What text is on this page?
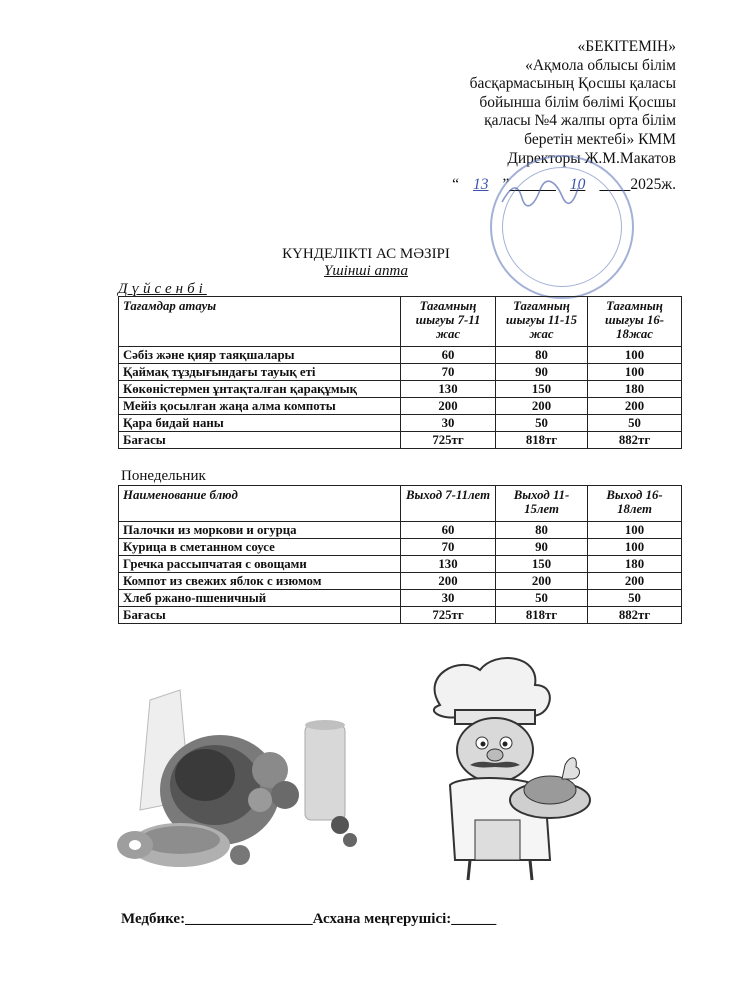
«БЕКІТЕМІН»
«Ақмола облысы білім
басқармасының Қосшы қаласы
бойынша білім бөлімі Қосшы
қаласы №4 жалпы орта білім
беретін мектебі» КММ
Директоры Ж.М.Макатов
“ 13 ”	10	2025ж.
КҮНДЕЛІКТІ АС МӘЗІРІ
Үшінші апта
Дүйсенбі
Тағамдар атауы	Тағамның шығуы 7-11 жас	Тағамның шығуы 11-15 жас	Тағамның шығуы 16-18жас
Сәбіз және қияр таяқшалары	60	80	100
Қаймақ тұздығындағы тауық еті	70	90	100
Көкөністермен ұнтақталған қарақұмық	130	150	180
Мейіз қосылған жаңа алма компоты	200	200	200
Қара бидай наны	30	50	50
Бағасы	725тг	818тг	882тг
Понедельник
Наименование блюд	Выход 7-11лет	Выход 11-15лет	Выход 16-18лет
Палочки из моркови и огурца	60	80	100
Курица в сметанном соусе	70	90	100
Гречка рассыпчатая с овощами	130	150	180
Компот из свежих яблок с изюмом	200	200	200
Хлеб ржано-пшеничный	30	50	50
Бағасы	725тг	818тг	882тг
Медбике:_________________Асхана меңгерушісі:______
